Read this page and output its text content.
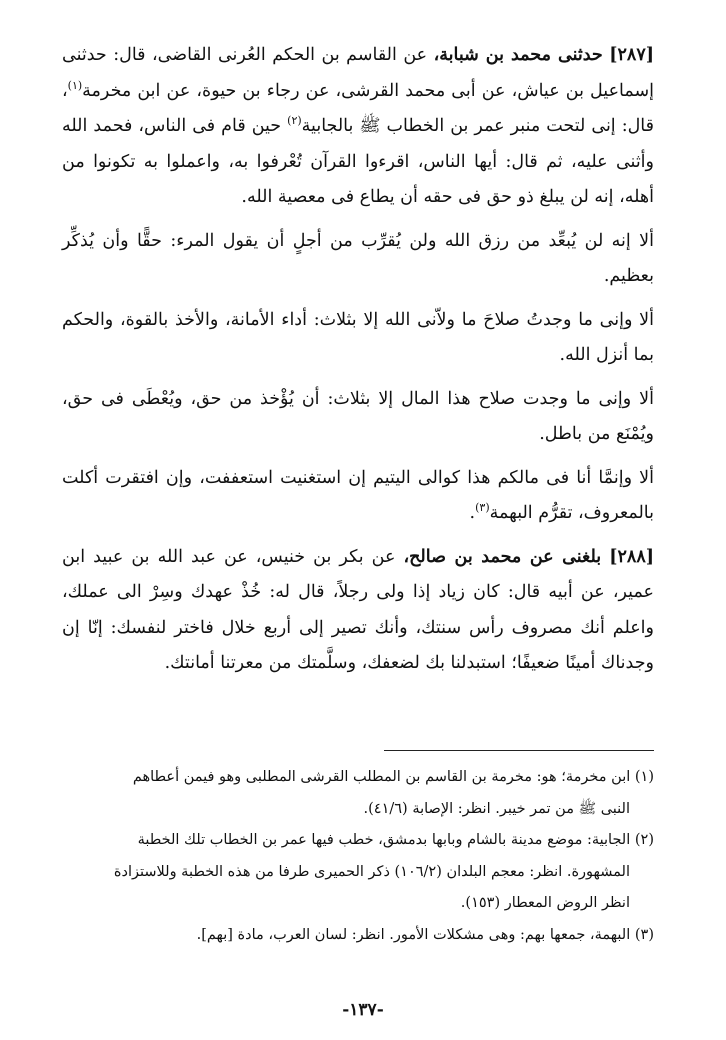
[٢٨٧] حدثنى محمد بن شبابة، عن القاسم بن الحكم العُرنى القاضى، قال: حدثنى إسماعيل بن عياش، عن أبى محمد القرشى، عن رجاء بن حيوة، عن ابن مخرمة$^{(١)}$، قال: إنى لتحت منبر عمر بن الخطاب ﷺ بالجابية$^{(٢)}$ حين قام فى الناس، فحمد الله وأثنى عليه، ثم قال: أيها الناس، اقرءوا القرآن تُعْرفوا به، واعملوا به تكونوا من أهله، إنه لن يبلغ ذو حق فى حقه أن يطاع فى معصية الله.

ألا إنه لن يُبعِّد من رزق الله ولن يُقرِّب من أجلٍ أن يقول المرء: حقًّا وأن يُذكِّر بعظيم.

ألا وإنى ما وجدتُ صلاحَ ما ولاّنى الله إلا بثلاث: أداء الأمانة، والأخذ بالقوة، والحكم بما أنزل الله.

ألا وإنى ما وجدت صلاح هذا المال إلا بثلاث: أن يُؤْخذ من حق، ويُعْطَى فى حق، ويُمْنَع من باطل.

ألا وإنمَّا أنا فى مالكم هذا كوالى اليتيم إن استغنيت استعففت، وإن افتقرت أكلت بالمعروف، تقرُّم البهمة$^{(٣)}$.

[٢٨٨] بلغنى عن محمد بن صالح، عن بكر بن خنيس، عن عبد الله بن عبيد ابن عمير، عن أبيه قال: كان زياد إذا ولى رجلاً، قال له: خُذْ عهدك وسِرْ الى عملك، واعلم أنك مصروف رأس سنتك، وأنك تصير إلى أربع خلال فاختر لنفسك: إنّا إن وجدناك أمينًا ضعيفًا؛ استبدلنا بك لضعفك، وسلَّمتك من معرتنا أمانتك.

(١) ابن مخرمة؛ هو: مخرمة بن القاسم بن المطلب القرشى المطلبى وهو فيمن أعطاهم
النبى ﷺ من تمر خيبر. انظر: الإصابة (٤١/٦).
(٢) الجابية: موضع مدينة بالشام وبابها بدمشق، خطب فيها عمر بن الخطاب تلك الخطبة
المشهورة. انظر: معجم البلدان (١٠٦/٢) ذكر الحميرى طرفا من هذه الخطبة وللاستزادة
انظر الروض المعطار (١٥٣).
(٣) البهمة، جمعها بهم: وهى مشكلات الأمور. انظر: لسان العرب، مادة [بهم].
-١٣٧-
